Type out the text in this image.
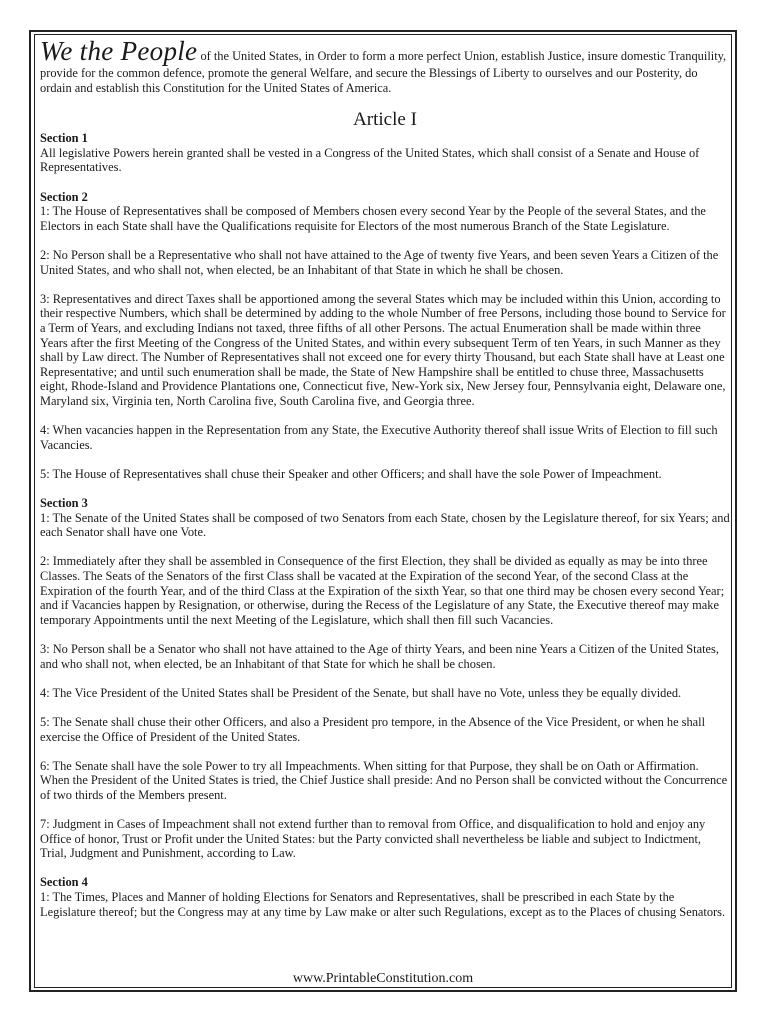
We the People of the United States, in Order to form a more perfect Union, establish Justice, insure domestic Tranquility, provide for the common defence, promote the general Welfare, and secure the Blessings of Liberty to ourselves and our Posterity, do ordain and establish this Constitution for the United States of America.

Article I
Section 1

All legislative Powers herein granted shall be vested in a Congress of the United States, which shall consist of a Senate and House of Representatives.

Section 2

1: The House of Representatives shall be composed of Members chosen every second Year by the People of the several States, and the Electors in each State shall have the Qualifications requisite for Electors of the most numerous Branch of the State Legislature.

2: No Person shall be a Representative who shall not have attained to the Age of twenty five Years, and been seven Years a Citizen of the United States, and who shall not, when elected, be an Inhabitant of that State in which he shall be chosen.

3: Representatives and direct Taxes shall be apportioned among the several States which may be included within this Union, according to their respective Numbers, which shall be determined by adding to the whole Number of free Persons, including those bound to Service for a Term of Years, and excluding Indians not taxed, three fifths of all other Persons. The actual Enumeration shall be made within three Years after the first Meeting of the Congress of the United States, and within every subsequent Term of ten Years, in such Manner as they shall by Law direct. The Number of Representatives shall not exceed one for every thirty Thousand, but each State shall have at Least one Representative; and until such enumeration shall be made, the State of New Hampshire shall be entitled to chuse three, Massachusetts eight, Rhode-Island and Providence Plantations one, Connecticut five, New-York six, New Jersey four, Pennsylvania eight, Delaware one, Maryland six, Virginia ten, North Carolina five, South Carolina five, and Georgia three.

4: When vacancies happen in the Representation from any State, the Executive Authority thereof shall issue Writs of Election to fill such Vacancies.

5: The House of Representatives shall chuse their Speaker and other Officers; and shall have the sole Power of Impeachment.

Section 3

1: The Senate of the United States shall be composed of two Senators from each State, chosen by the Legislature thereof, for six Years; and each Senator shall have one Vote.

2: Immediately after they shall be assembled in Consequence of the first Election, they shall be divided as equally as may be into three Classes. The Seats of the Senators of the first Class shall be vacated at the Expiration of the second Year, of the second Class at the Expiration of the fourth Year, and of the third Class at the Expiration of the sixth Year, so that one third may be chosen every second Year; and if Vacancies happen by Resignation, or otherwise, during the Recess of the Legislature of any State, the Executive thereof may make temporary Appointments until the next Meeting of the Legislature, which shall then fill such Vacancies.

3: No Person shall be a Senator who shall not have attained to the Age of thirty Years, and been nine Years a Citizen of the United States, and who shall not, when elected, be an Inhabitant of that State for which he shall be chosen.

4: The Vice President of the United States shall be President of the Senate, but shall have no Vote, unless they be equally divided.

5: The Senate shall chuse their other Officers, and also a President pro tempore, in the Absence of the Vice President, or when he shall exercise the Office of President of the United States.

6: The Senate shall have the sole Power to try all Impeachments. When sitting for that Purpose, they shall be on Oath or Affirmation. When the President of the United States is tried, the Chief Justice shall preside: And no Person shall be convicted without the Concurrence of two thirds of the Members present.

7: Judgment in Cases of Impeachment shall not extend further than to removal from Office, and disqualification to hold and enjoy any Office of honor, Trust or Profit under the United States: but the Party convicted shall nevertheless be liable and subject to Indictment, Trial, Judgment and Punishment, according to Law.

Section 4

1: The Times, Places and Manner of holding Elections for Senators and Representatives, shall be prescribed in each State by the Legislature thereof; but the Congress may at any time by Law make or alter such Regulations, except as to the Places of chusing Senators.

www.PrintableConstitution.com
